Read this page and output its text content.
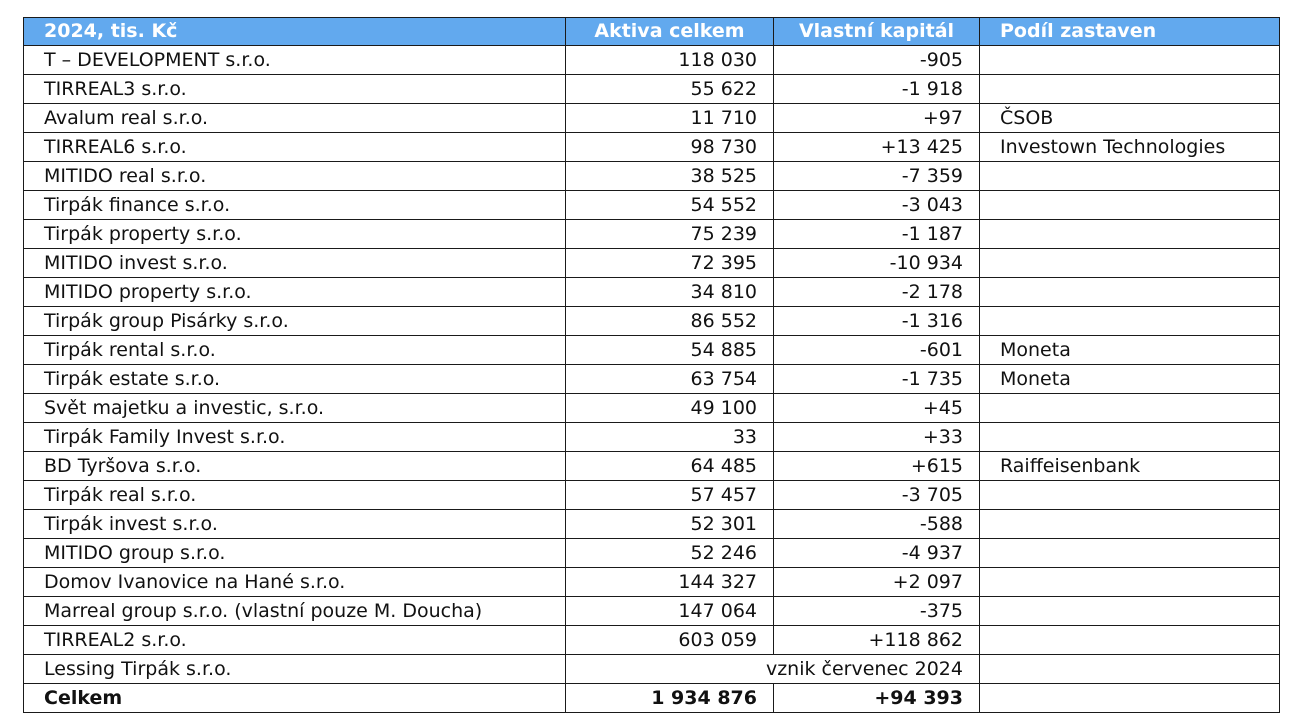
2024, tis. Kč	Aktiva celkem	Vlastní kapitál	Podíl zastaven
T – DEVELOPMENT s.r.o.	118 030	-905	
TIRREAL3 s.r.o.	55 622	-1 918	
Avalum real s.r.o.	11 710	+97	ČSOB
TIRREAL6 s.r.o.	98 730	+13 425	Investown Technologies
MITIDO real s.r.o.	38 525	-7 359	
Tirpák finance s.r.o.	54 552	-3 043	
Tirpák property s.r.o.	75 239	-1 187	
MITIDO invest s.r.o.	72 395	-10 934	
MITIDO property s.r.o.	34 810	-2 178	
Tirpák group Pisárky s.r.o.	86 552	-1 316	
Tirpák rental s.r.o.	54 885	-601	Moneta
Tirpák estate s.r.o.	63 754	-1 735	Moneta
Svět majetku a investic, s.r.o.	49 100	+45	
Tirpák Family Invest s.r.o.	33	+33	
BD Tyršova s.r.o.	64 485	+615	Raiffeisenbank
Tirpák real s.r.o.	57 457	-3 705	
Tirpák invest s.r.o.	52 301	-588	
MITIDO group s.r.o.	52 246	-4 937	
Domov Ivanovice na Hané s.r.o.	144 327	+2 097	
Marreal group s.r.o. (vlastní pouze M. Doucha)	147 064	-375	
TIRREAL2 s.r.o.	603 059	+118 862	
Lessing Tirpák s.r.o.	vznik červenec 2024		
Celkem	1 934 876	+94 393	
